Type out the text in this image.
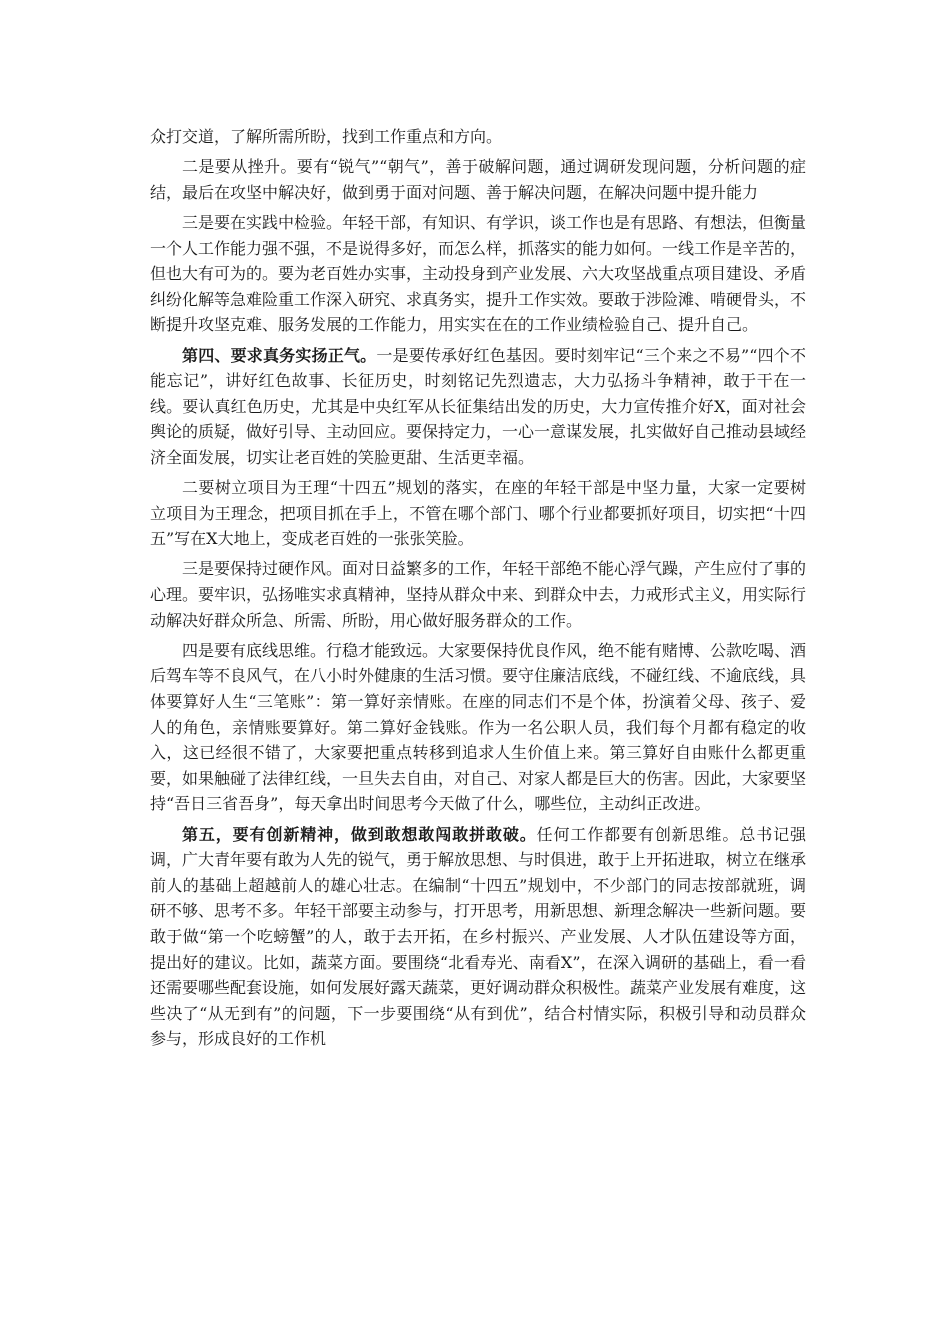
众打交道，了解所需所盼，找到工作重点和方向。

二是要从挫升。要有“锐气”“朝气”，善于破解问题，通过调研发现问题，分析问题的症结，最后在攻坚中解决好，做到勇于面对问题、善于解决问题，在解决问题中提升能力

三是要在实践中检验。年轻干部，有知识、有学识，谈工作也是有思路、有想法，但衡量一个人工作能力强不强，不是说得多好，而怎么样，抓落实的能力如何。一线工作是辛苦的，但也大有可为的。要为老百姓办实事，主动投身到产业发展、六大攻坚战重点项目建设、矛盾纠纷化解等急难险重工作深入研究、求真务实，提升工作实效。要敢于涉险滩、啃硬骨头，不断提升攻坚克难、服务发展的工作能力，用实实在在的工作业绩检验自己、提升自己。

第四、要求真务实扬正气。一是要传承好红色基因。要时刻牢记“三个来之不易”“四个不能忘记”，讲好红色故事、长征历史，时刻铭记先烈遗志，大力弘扬斗争精神，敢于干在一线。要认真红色历史，尤其是中央红军从长征集结出发的历史，大力宣传推介好X，面对社会舆论的质疑，做好引导、主动回应。要保持定力，一心一意谋发展，扎实做好自己推动县域经济全面发展，切实让老百姓的笑脸更甜、生活更幸福。

二要树立项目为王理“十四五”规划的落实，在座的年轻干部是中坚力量，大家一定要树立项目为王理念，把项目抓在手上，不管在哪个部门、哪个行业都要抓好项目，切实把“十四五”写在X大地上，变成老百姓的一张张笑脸。

三是要保持过硬作风。面对日益繁多的工作，年轻干部绝不能心浮气躁，产生应付了事的心理。要牢识，弘扬唯实求真精神，坚持从群众中来、到群众中去，力戒形式主义，用实际行动解决好群众所急、所需、所盼，用心做好服务群众的工作。

四是要有底线思维。行稳才能致远。大家要保持优良作风，绝不能有赌博、公款吃喝、酒后驾车等不良风气，在八小时外健康的生活习惯。要守住廉洁底线，不碰红线、不逾底线，具体要算好人生“三笔账”：第一算好亲情账。在座的同志们不是个体，扮演着父母、孩子、爱人的角色，亲情账要算好。第二算好金钱账。作为一名公职人员，我们每个月都有稳定的收入，这已经很不错了，大家要把重点转移到追求人生价值上来。第三算好自由账什么都更重要，如果触碰了法律红线，一旦失去自由，对自己、对家人都是巨大的伤害。因此，大家要坚持“吾日三省吾身”，每天拿出时间思考今天做了什么，哪些位，主动纠正改进。

第五，要有创新精神，做到敢想敢闯敢拼敢破。任何工作都要有创新思维。总书记强调，广大青年要有敢为人先的锐气，勇于解放思想、与时俱进，敢于上开拓进取，树立在继承前人的基础上超越前人的雄心壮志。在编制“十四五”规划中，不少部门的同志按部就班，调研不够、思考不多。年轻干部要主动参与，打开思考，用新思想、新理念解决一些新问题。要敢于做“第一个吃螃蟹”的人，敢于去开拓，在乡村振兴、产业发展、人才队伍建设等方面，提出好的建议。比如，蔬菜方面。要围绕“北看寿光、南看X”，在深入调研的基础上，看一看还需要哪些配套设施，如何发展好露天蔬菜，更好调动群众积极性。蔬菜产业发展有难度，这些决了“从无到有”的问题，下一步要围绕“从有到优”，结合村情实际，积极引导和动员群众参与，形成良好的工作机
